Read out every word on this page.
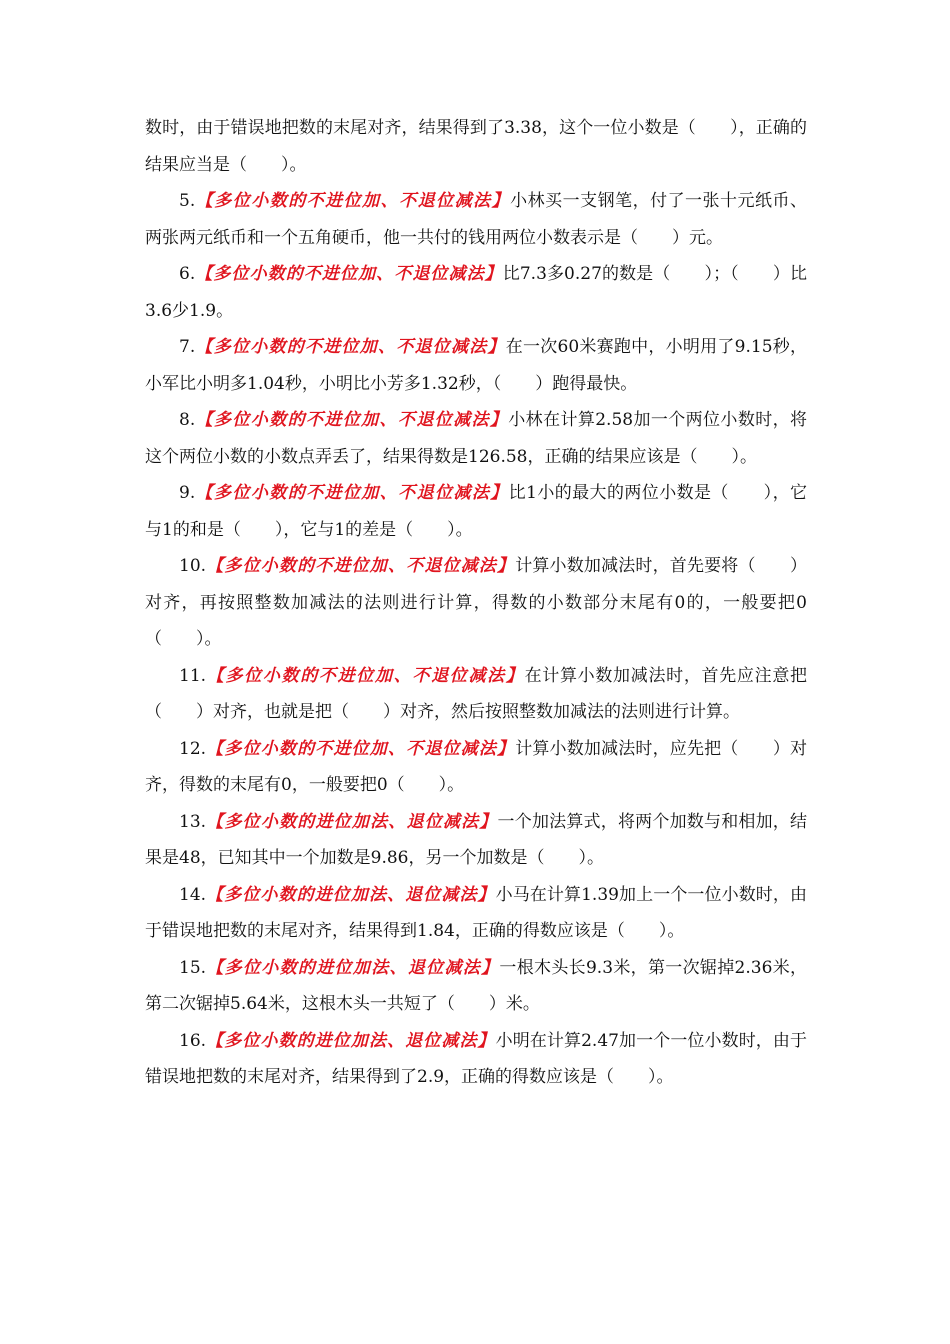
数时，由于错误地把数的末尾对齐，结果得到了3.38，这个一位小数是（　　），正确的结果应当是（　　）。

5.【多位小数的不进位加、不退位减法】小林买一支钢笔，付了一张十元纸币、两张两元纸币和一个五角硬币，他一共付的钱用两位小数表示是（　　）元。

6.【多位小数的不进位加、不退位减法】比7.3多0.27的数是（　　）；（　　）比3.6少1.9。

7.【多位小数的不进位加、不退位减法】在一次60米赛跑中，小明用了9.15秒，小军比小明多1.04秒，小明比小芳多1.32秒，（　　）跑得最快。

8.【多位小数的不进位加、不退位减法】小林在计算2.58加一个两位小数时，将这个两位小数的小数点弄丢了，结果得数是126.58，正确的结果应该是（　　）。

9.【多位小数的不进位加、不退位减法】比1小的最大的两位小数是（　　），它与1的和是（　　），它与1的差是（　　）。

10.【多位小数的不进位加、不退位减法】计算小数加减法时，首先要将（　　）对齐，再按照整数加减法的法则进行计算，得数的小数部分末尾有0的，一般要把0（　　）。

11.【多位小数的不进位加、不退位减法】在计算小数加减法时，首先应注意把（　　）对齐，也就是把（　　）对齐，然后按照整数加减法的法则进行计算。

12.【多位小数的不进位加、不退位减法】计算小数加减法时，应先把（　　）对齐，得数的末尾有0，一般要把0（　　）。

13.【多位小数的进位加法、退位减法】一个加法算式，将两个加数与和相加，结果是48，已知其中一个加数是9.86，另一个加数是（　　）。

14.【多位小数的进位加法、退位减法】小马在计算1.39加上一个一位小数时，由于错误地把数的末尾对齐，结果得到1.84，正确的得数应该是（　　）。

15.【多位小数的进位加法、退位减法】一根木头长9.3米，第一次锯掉2.36米，第二次锯掉5.64米，这根木头一共短了（　　）米。

16.【多位小数的进位加法、退位减法】小明在计算2.47加一个一位小数时，由于错误地把数的末尾对齐，结果得到了2.9，正确的得数应该是（　　）。
